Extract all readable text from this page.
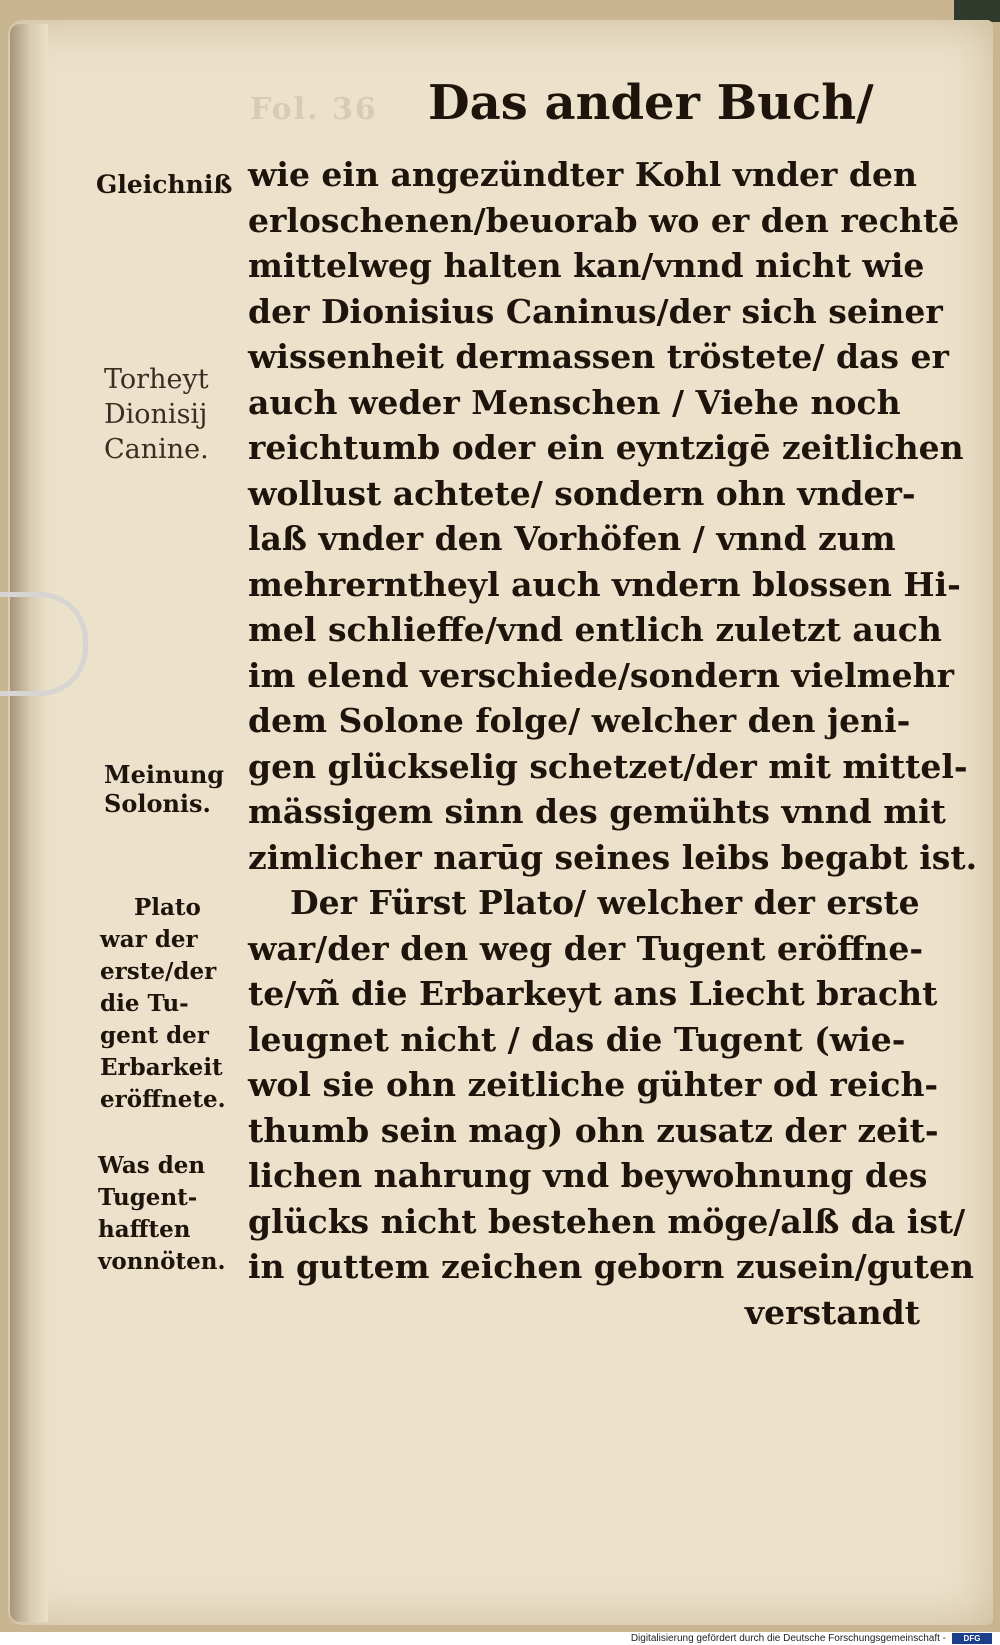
Fol. 36 Das ander Buch/
Gleichniß
Torheyt
Dionisij
Canine.
Meinung
Solonis.
Plato
war der
erste/der
die Tu-
gent der
Erbarkeit
eröffnete.
Was den
Tugent-
hafften
vonnöten.
wie ein angezündter Kohl vnder den
erloschenen/beuorab wo er den rechtē
mittelweg halten kan/vnnd nicht wie
der Dionisius Caninus/der sich seiner
wissenheit dermassen tröstete/ das er
auch weder Menschen / Viehe noch
reichtumb oder ein eyntzigē zeitlichen
wollust achtete/ sondern ohn vnder-
laß vnder den Vorhöfen / vnnd zum
mehrerntheyl auch vndern blossen Hi-
mel schlieffe/vnd entlich zuletzt auch
im elend verschiede/sondern vielmehr
dem Solone folge/ welcher den jeni-
gen glückselig schetzet/der mit mittel-
mässigem sinn des gemühts vnnd mit
zimlicher narūg seines leibs begabt ist.
Der Fürst Plato/ welcher der erste
war/der den weg der Tugent eröffne-
te/vñ die Erbarkeyt ans Liecht bracht
leugnet nicht / das die Tugent (wie-
wol sie ohn zeitliche gühter od reich-
thumb sein mag) ohn zusatz der zeit-
lichen nahrung vnd beywohnung des
glücks nicht bestehen möge/alß da ist/
in guttem zeichen geborn zusein/guten
verstandt
Digitalisierung gefördert durch die Deutsche Forschungsgemeinschaft -	DFG
